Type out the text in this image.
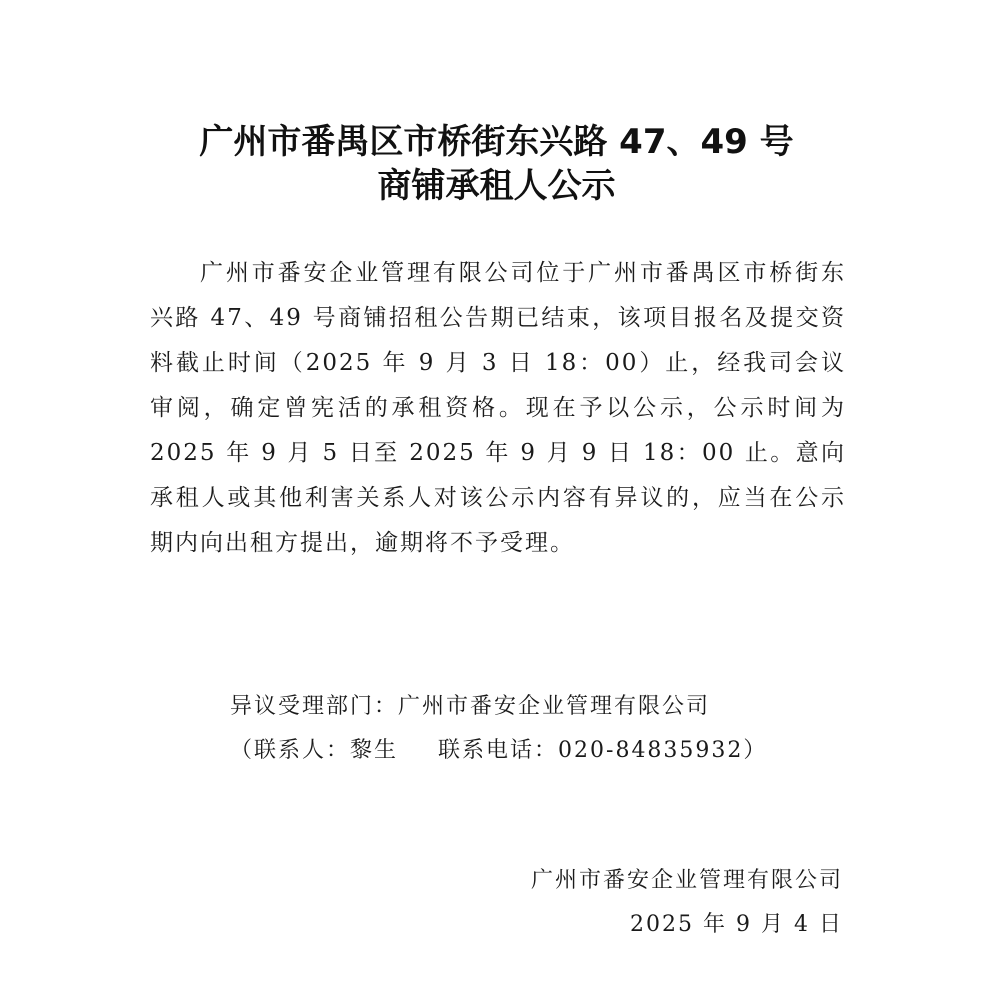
广州市番禺区市桥街东兴路 47、49 号
商铺承租人公示
广州市番安企业管理有限公司位于广州市番禺区市桥街东兴路 47、49 号商铺招租公告期已结束，该项目报名及提交资料截止时间（2025 年 9 月 3 日 18：00）止，经我司会议审阅，确定曾宪活的承租资格。现在予以公示，公示时间为 2025 年 9 月 5 日至 2025 年 9 月 9 日 18：00 止。意向承租人或其他利害关系人对该公示内容有异议的，应当在公示期内向出租方提出，逾期将不予受理。
异议受理部门：广州市番安企业管理有限公司
（联系人：黎生 联系电话：020-84835932）
广州市番安企业管理有限公司
2025 年 9 月 4 日
